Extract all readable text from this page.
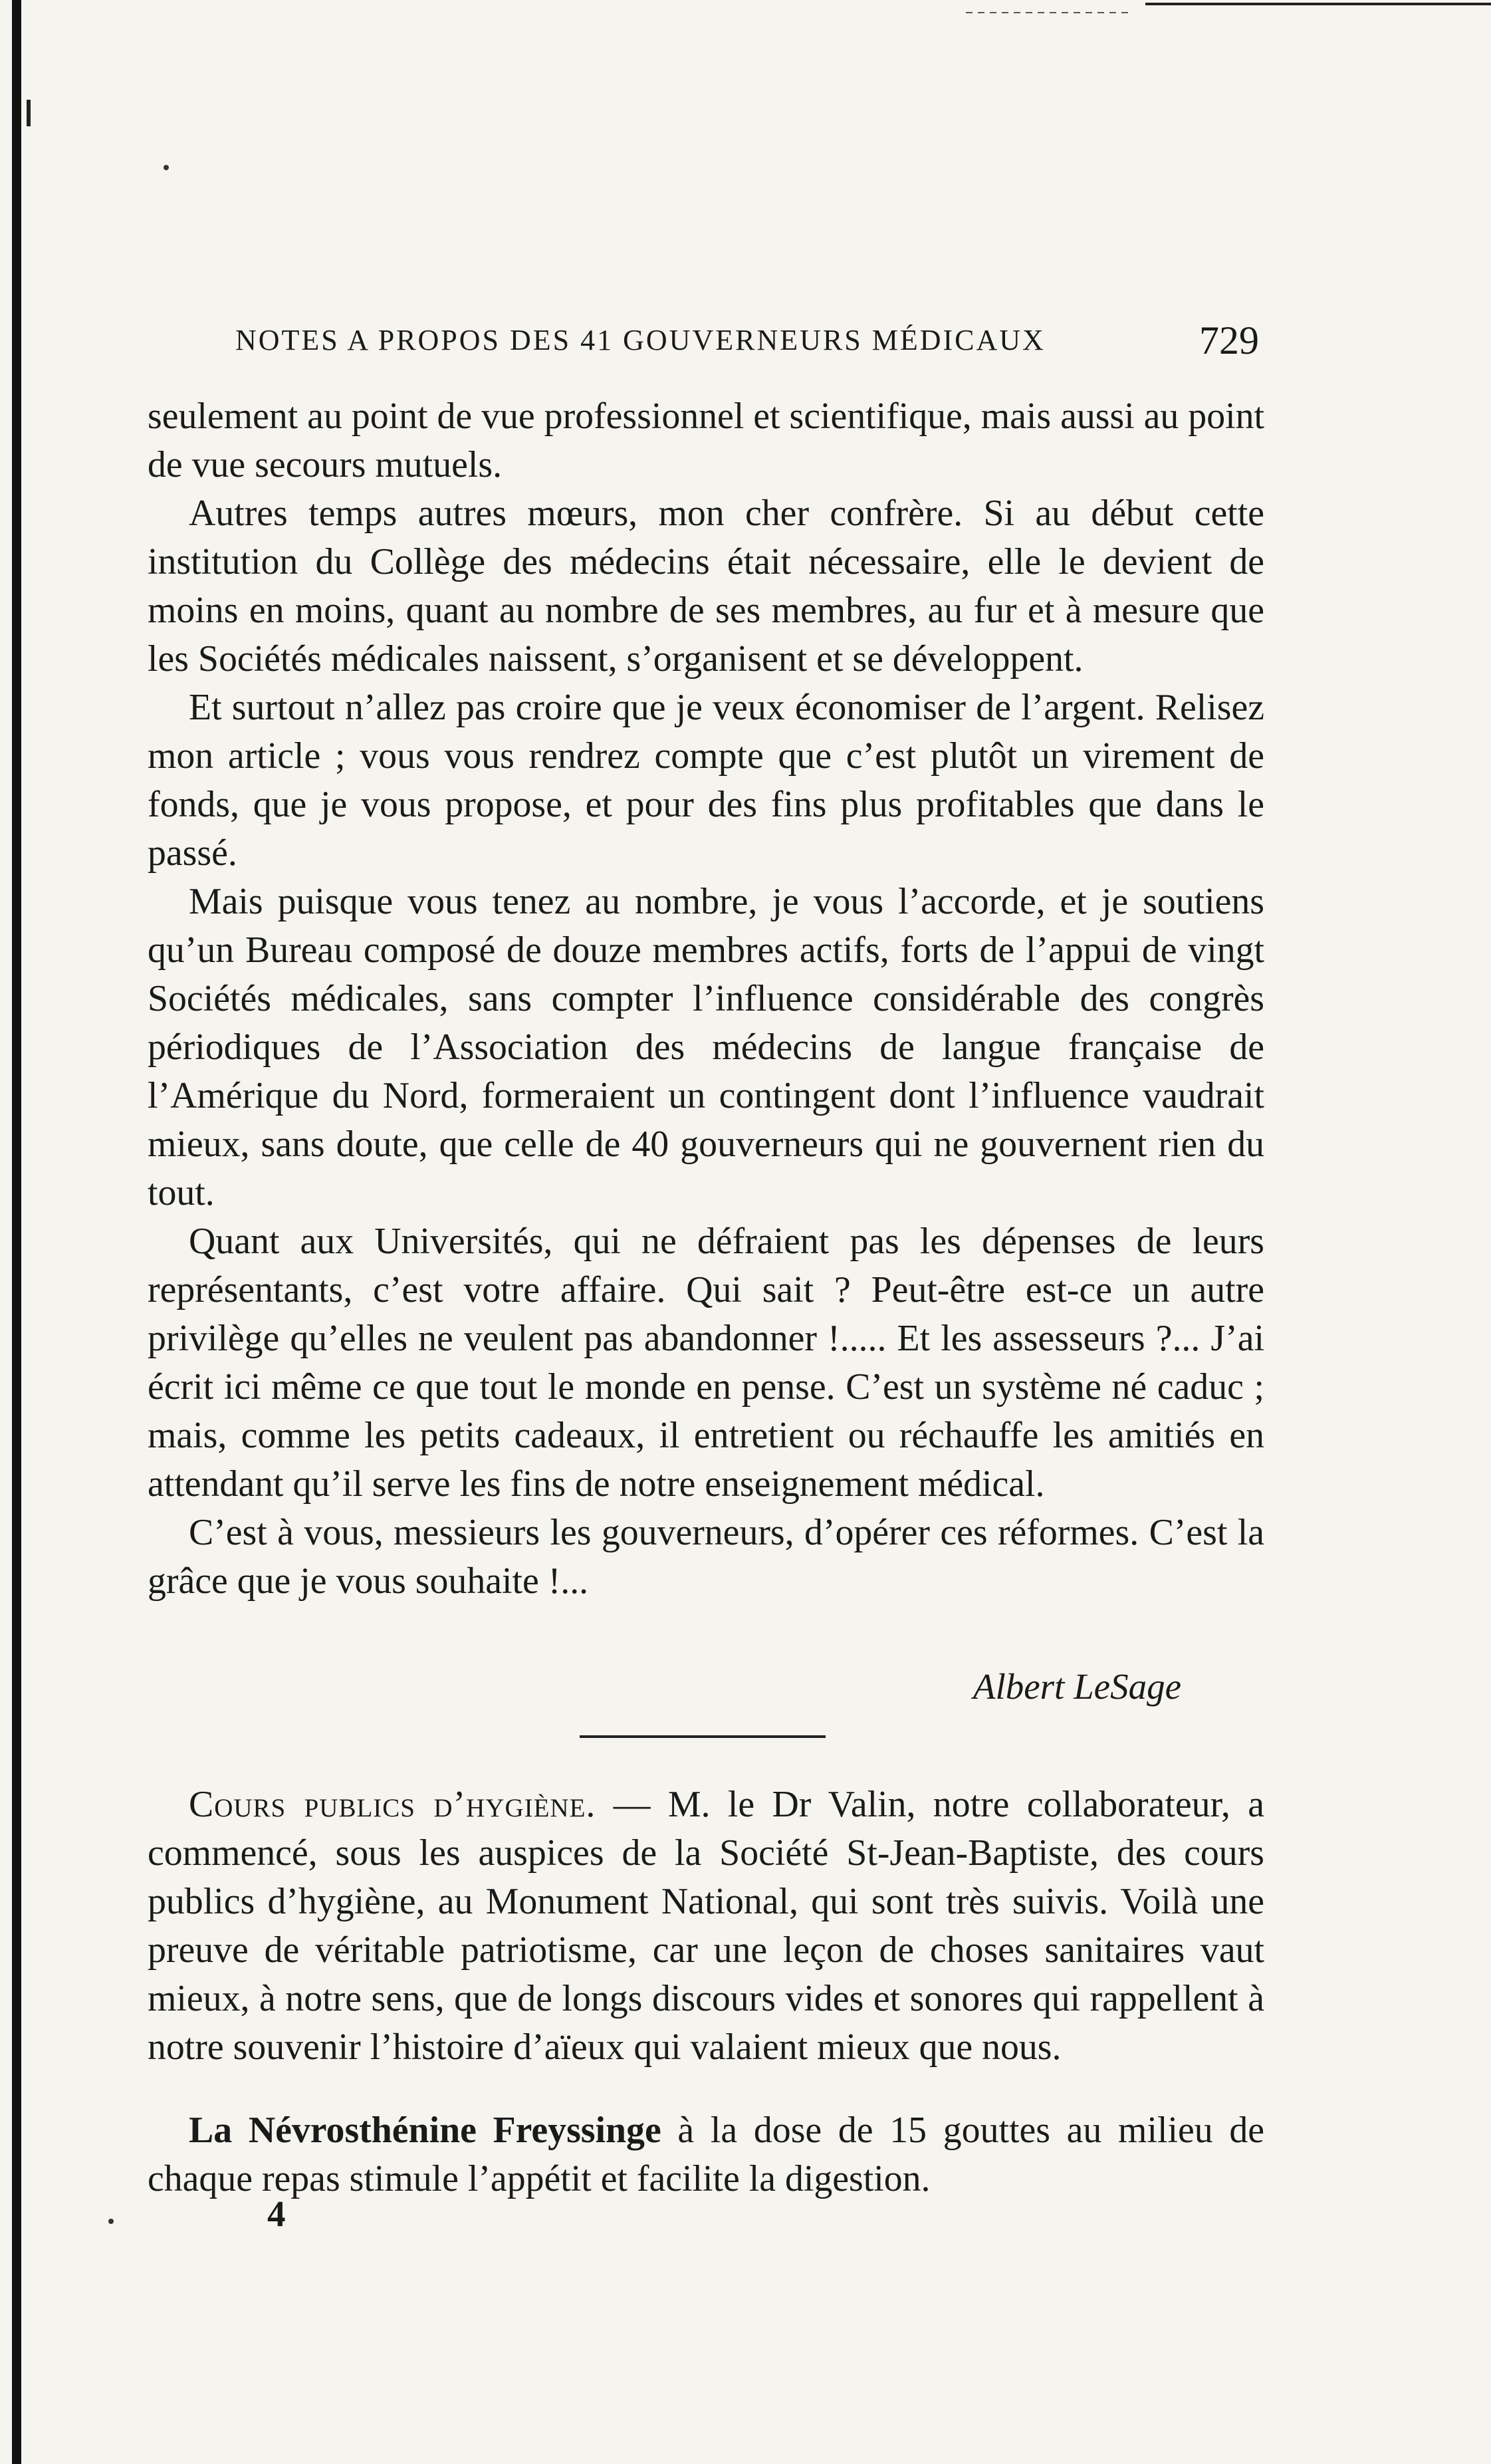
NOTES A PROPOS DES 41 GOUVERNEURS MÉDICAUX	729

seulement au point de vue professionnel et scientifique, mais aussi au point de vue secours mutuels.

Autres temps autres mœurs, mon cher confrère. Si au début cette institution du Collège des médecins était nécessaire, elle le devient de moins en moins, quant au nombre de ses membres, au fur et à mesure que les Sociétés médicales naissent, s’organisent et se développent.

Et surtout n’allez pas croire que je veux économiser de l’argent. Relisez mon article ; vous vous rendrez compte que c’est plutôt un virement de fonds, que je vous propose, et pour des fins plus profitables que dans le passé.

Mais puisque vous tenez au nombre, je vous l’accorde, et je soutiens qu’un Bureau composé de douze membres actifs, forts de l’appui de vingt Sociétés médicales, sans compter l’influence considérable des congrès périodiques de l’Association des médecins de langue française de l’Amérique du Nord, formeraient un contingent dont l’influence vaudrait mieux, sans doute, que celle de 40 gouverneurs qui ne gouvernent rien du tout.

Quant aux Universités, qui ne défraient pas les dépenses de leurs représentants, c’est votre affaire. Qui sait ? Peut-être est-ce un autre privilège qu’elles ne veulent pas abandonner !..... Et les assesseurs ?... J’ai écrit ici même ce que tout le monde en pense. C’est un système né caduc ; mais, comme les petits cadeaux, il entretient ou réchauffe les amitiés en attendant qu’il serve les fins de notre enseignement médical.

C’est à vous, messieurs les gouverneurs, d’opérer ces réformes. C’est la grâce que je vous souhaite !...

Albert LeSage

Cours publics d’hygiène. — M. le Dr Valin, notre collaborateur, a commencé, sous les auspices de la Société St-Jean-Baptiste, des cours publics d’hygiène, au Monument National, qui sont très suivis. Voilà une preuve de véritable patriotisme, car une leçon de choses sanitaires vaut mieux, à notre sens, que de longs discours vides et sonores qui rappellent à notre souvenir l’histoire d’aïeux qui valaient mieux que nous.

La Névrosthénine Freyssinge à la dose de 15 gouttes au milieu de chaque repas stimule l’appétit et facilite la digestion.

4
